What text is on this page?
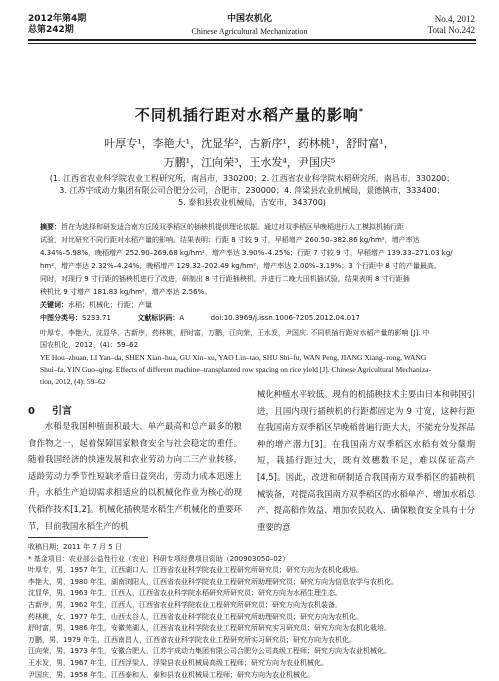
2012年第4期
总第242期
中国农机化
Chinese Agricultural Mechanization
No.4, 2012
Total No.242
不同机插行距对水稻产量的影响*
叶厚专¹，李艳大¹，沈显华²，古新序¹，药林桃¹，舒时富¹，
万鹏¹，江向荣³，王水发⁴，尹国庆⁵
(1. 江西省农业科学院农业工程研究所，南昌市，330200；2. 江西省农业科学院水稻研究所，南昌市，330200；
3. 江苏宇成动力集团有限公司合肥分公司，合肥市，230000；4. 萍梁县农业机械局，景德镇市，333400；
5. 泰和县农业机械局，吉安市，343700)

摘要：旨在为选择和研发适合南方丘陵双季稻区的插秧机提供理论依据。通过对双季稻区早晚稻进行人工模拟机插行距

试验，对比研究不同行距对水稻产量的影响。结果表明：行距 8 寸较 9 寸，早稻增产 260.50–382.86 kg/hm²，增产率达

4.34%–5.98%，晚稻增产 252.90–269.68 kg/hm²，增产率达 3.90%–4.25%；行距 7 寸较 9 寸，早稻增产 139.33–271.03 kg/

hm²，增产率达 2.32%–4.24%，晚稻增产 129.32–202.49 kg/hm²，增产率达 2.00%–3.19%；3 个行距中 8 寸的产量最高。

同时，对现行 9 寸行距的插秧机进行了改进，研制出 8 寸行距插秧机，并进行二晚大田机插试验，结果表明 8 寸行距插

秧机比 9 寸增产 181.83 kg/hm²，增产率达 2.56%。

关键词：水稻；机械化；行距；产量

中图分类号：S233.71	文献标识码：A	doi:10.3969/j.issn.1006-7205.2012.04.017

叶厚专，李艳大，沈显华，古新序，药林桃，舒时富，万鹏，江向荣，王水发，尹国庆. 不同机插行距对水稻产量的影响 [J]. 中

国农机化，2012，(4)：59–62

YE Hou–zhuan, LI Yan–da, SHEN Xian–hua, GU Xin–xu, YAO Lin–tao, SHU Shi–fu, WAN Peng, JIANG Xiang–rong, WANG

Shui–fa, YIN Guo–qing. Effects of different machine–transplanted row spacing on rice yield [J]. Chinese Agricultural Mechaniza-

tion, 2012, (4): 59–62

0 引言

水稻是我国种植面积最大、单产最高和总产最多的粮食作物之一，起着保障国家粮食安全与社会稳定的重任。随着我国经济的快速发展和农业劳动力向二三产业转移，适龄劳动力季节性短缺矛盾日益突出，劳动力成本迅速上升，水稻生产迫切需求相适应的以机械化作业为核心的现代稻作技术[1,2]。机械化插秧是水稻生产机械化的重要环节，目前我国水稻生产的机

械化种植水平较低。现有的机插秧技术主要由日本和韩国引进，且国内现行插秧机的行距都固定为 9 寸宽，这种行距在我国南方双季稻区早晚稻普遍行距大大，不能充分发挥品种的增产潜力[3]。在我国南方双季稻区水稻有效分蘖期短，栽插行距过大，既有效穗数不足，难以保证高产[4,5]。因此，改进和研制适合我国南方双季稻区的插秧机械装备，对提高我国南方双季稻区的水稻单产、增加水稻总产、提高稻作效益、增加农民收入、确保粮食安全具有十分重要的意

收稿日期：2011 年 7 月 5 日

* 基金项目：农业部公益性行业（农业）科研专项经费项目资助（200903050–02）

叶厚专，男，1957 年生，江西湖口人，江西省农业科学院农业工程研究所研究员；研究方向为农机化栽培。

李艳大，男，1980 年生，湖南浏阳人，江西省农业科学院农业工程研究所助理研究员；研究方向为信息农学与农机化。

沈显华，男，1963 年生，江西人，江西省农业科学院水稻研究所研究员；研究方向为水稻生理生态。

古新序，男，1962 年生，江西人，江西省农业科学院农业工程研究所研究员；研究方向为农机装备。

药林桃，女，1977 年生，山西太谷人，江西省农业科学院农业工程研究所助理研究员；研究方向为农机化。

舒时富，男，1986 年生，安徽芜湖人，江西省农业科学院农业工程研究所研究实习研究员；研究方向为农机化栽培。

万鹏，男，1979 年生，江西南昌人，江西省农业科学院农业工程研究所实习研究员；研究方向为农机化。

江向荣，男，1973 年生，安徽合肥人，江苏宇成动力集团有限公司合肥分公司高级工程师；研究方向为农业机械化。

王水发，男，1967 年生，江西浮梁人，浮梁县农业机械局高级工程师；研究方向为农业机械化。

尹国庆，男，1958 年生，江西泰和人，泰和县农业机械局工程师；研究方向为农业机械化。
